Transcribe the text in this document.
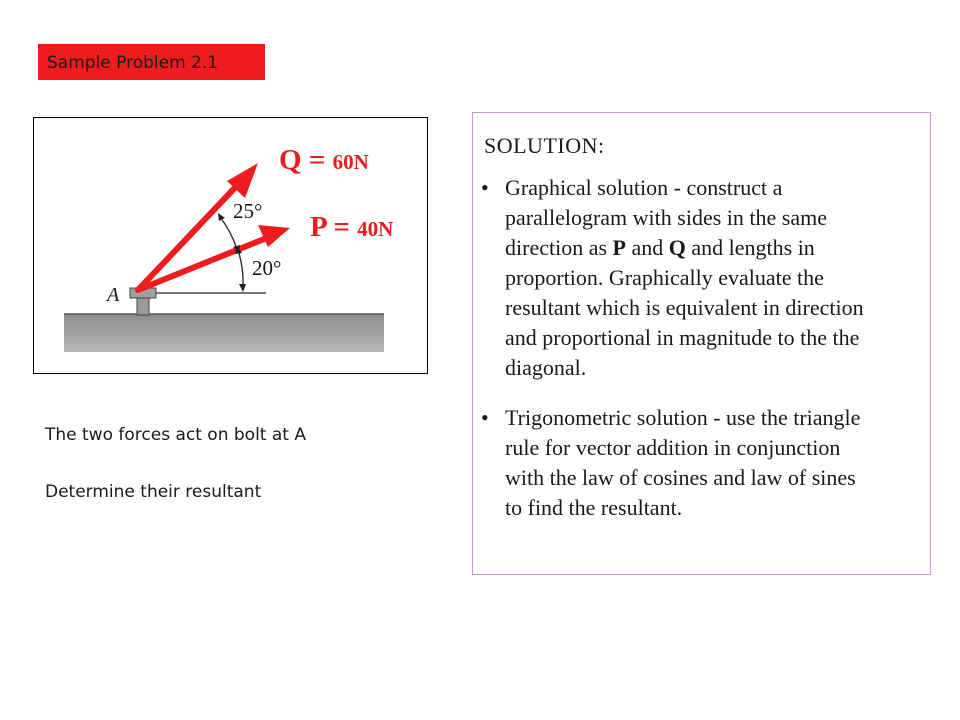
Sample Problem 2.1
Q = 60N
P = 40N
25°
20°
A
The two forces act on bolt at A
Determine their resultant
SOLUTION:
• Graphical solution - construct a
parallelogram with sides in the same
direction as P and Q and lengths in
proportion. Graphically evaluate the
resultant which is equivalent in direction
and proportional in magnitude to the the
diagonal.
• Trigonometric solution - use the triangle
rule for vector addition in conjunction
with the law of cosines and law of sines
to find the resultant.
